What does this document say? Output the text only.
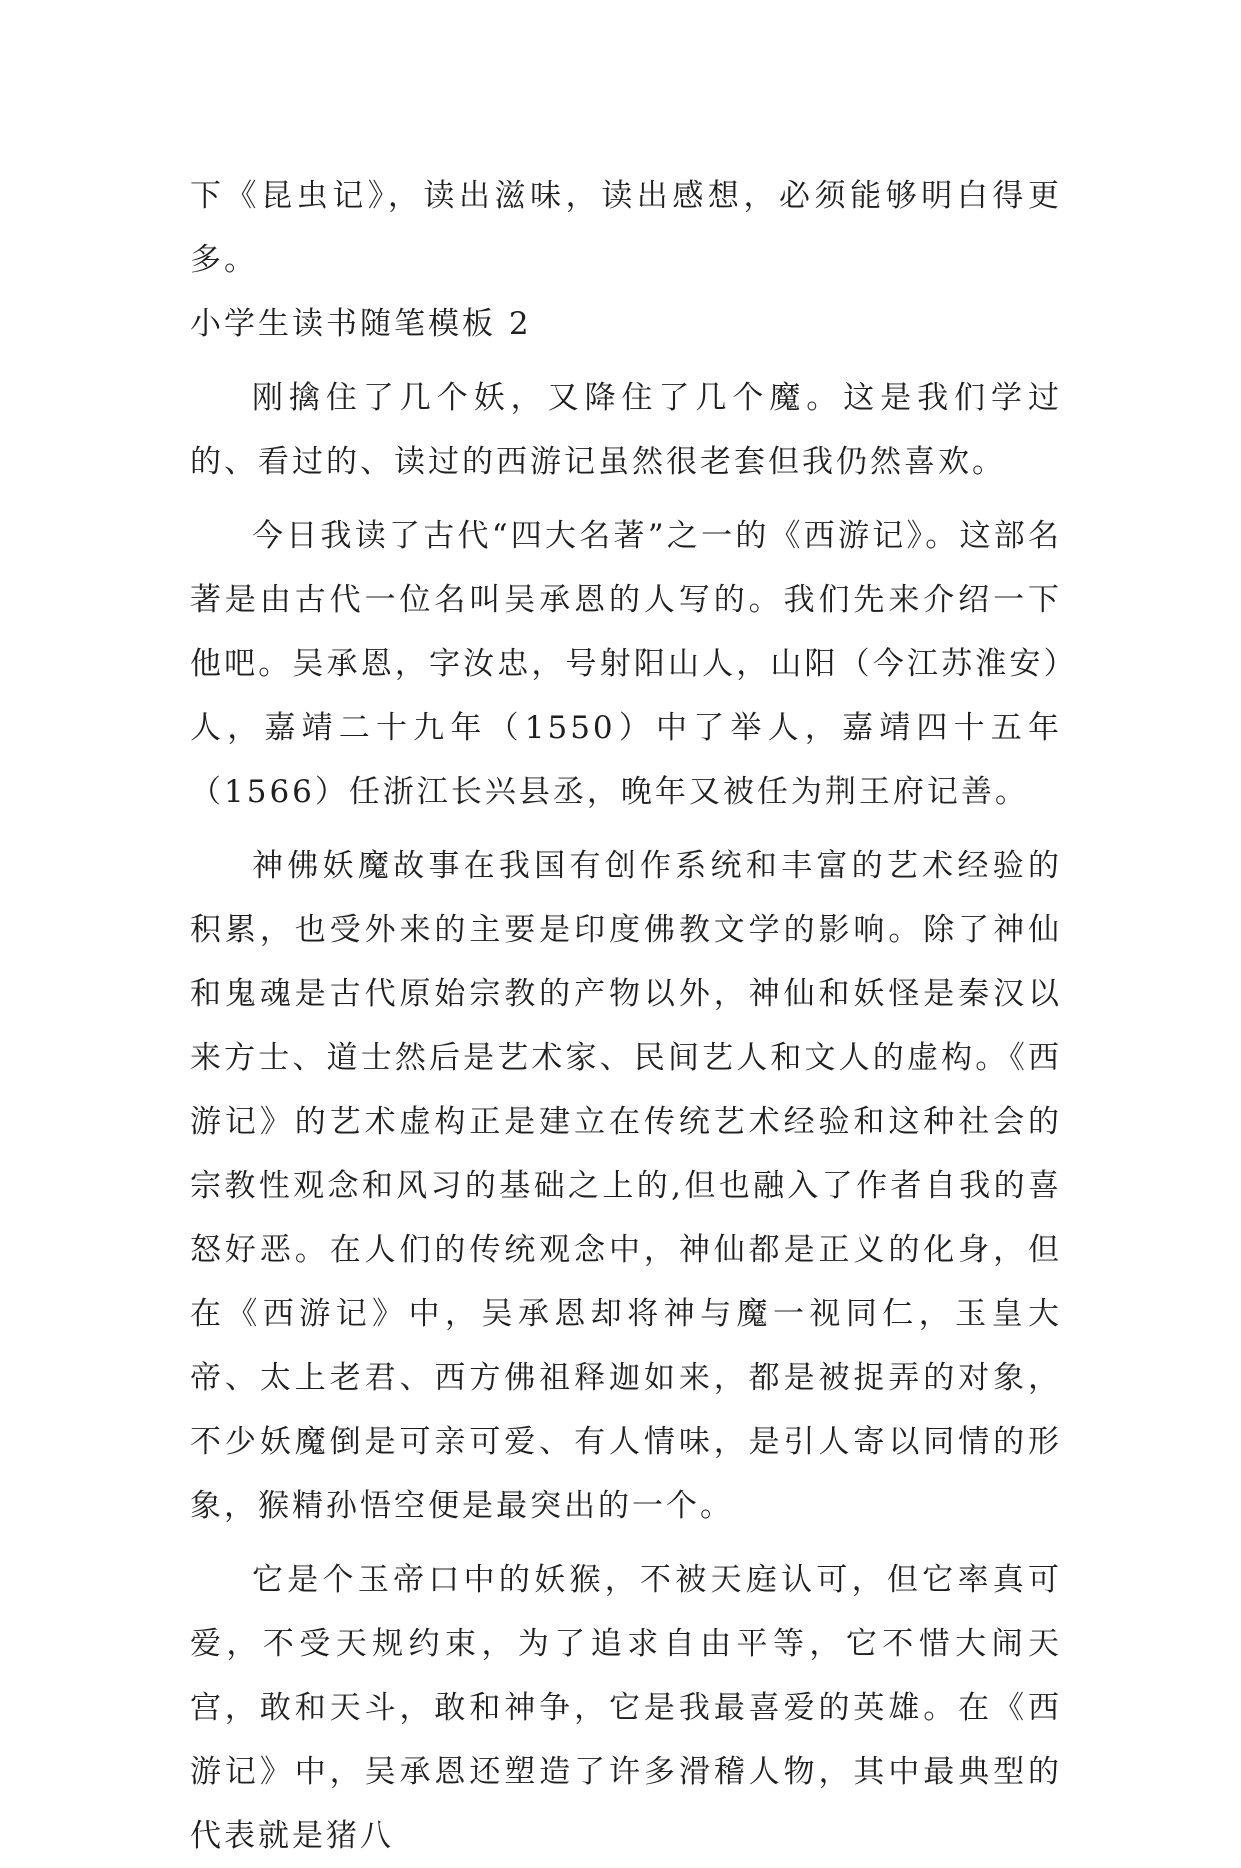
下《昆虫记》，读出滋味，读出感想，必须能够明白得更多。

小学生读书随笔模板 2

刚擒住了几个妖，又降住了几个魔。这是我们学过的、看过的、读过的西游记虽然很老套但我仍然喜欢。

今日我读了古代“四大名著”之一的《西游记》。这部名著是由古代一位名叫吴承恩的人写的。我们先来介绍一下他吧。吴承恩，字汝忠，号射阳山人，山阳（今江苏淮安）人，嘉靖二十九年（1550）中了举人，嘉靖四十五年（1566）任浙江长兴县丞，晚年又被任为荆王府记善。

神佛妖魔故事在我国有创作系统和丰富的艺术经验的积累，也受外来的主要是印度佛教文学的影响。除了神仙和鬼魂是古代原始宗教的产物以外，神仙和妖怪是秦汉以来方士、道士然后是艺术家、民间艺人和文人的虚构。《西游记》的艺术虚构正是建立在传统艺术经验和这种社会的宗教性观念和风习的基础之上的,但也融入了作者自我的喜怒好恶。在人们的传统观念中，神仙都是正义的化身，但在《西游记》中，吴承恩却将神与魔一视同仁，玉皇大帝、太上老君、西方佛祖释迦如来，都是被捉弄的对象，不少妖魔倒是可亲可爱、有人情味，是引人寄以同情的形象，猴精孙悟空便是最突出的一个。

它是个玉帝口中的妖猴，不被天庭认可，但它率真可爱，不受天规约束，为了追求自由平等，它不惜大闹天宫，敢和天斗，敢和神争，它是我最喜爱的英雄。在《西游记》中，吴承恩还塑造了许多滑稽人物，其中最典型的代表就是猪八
